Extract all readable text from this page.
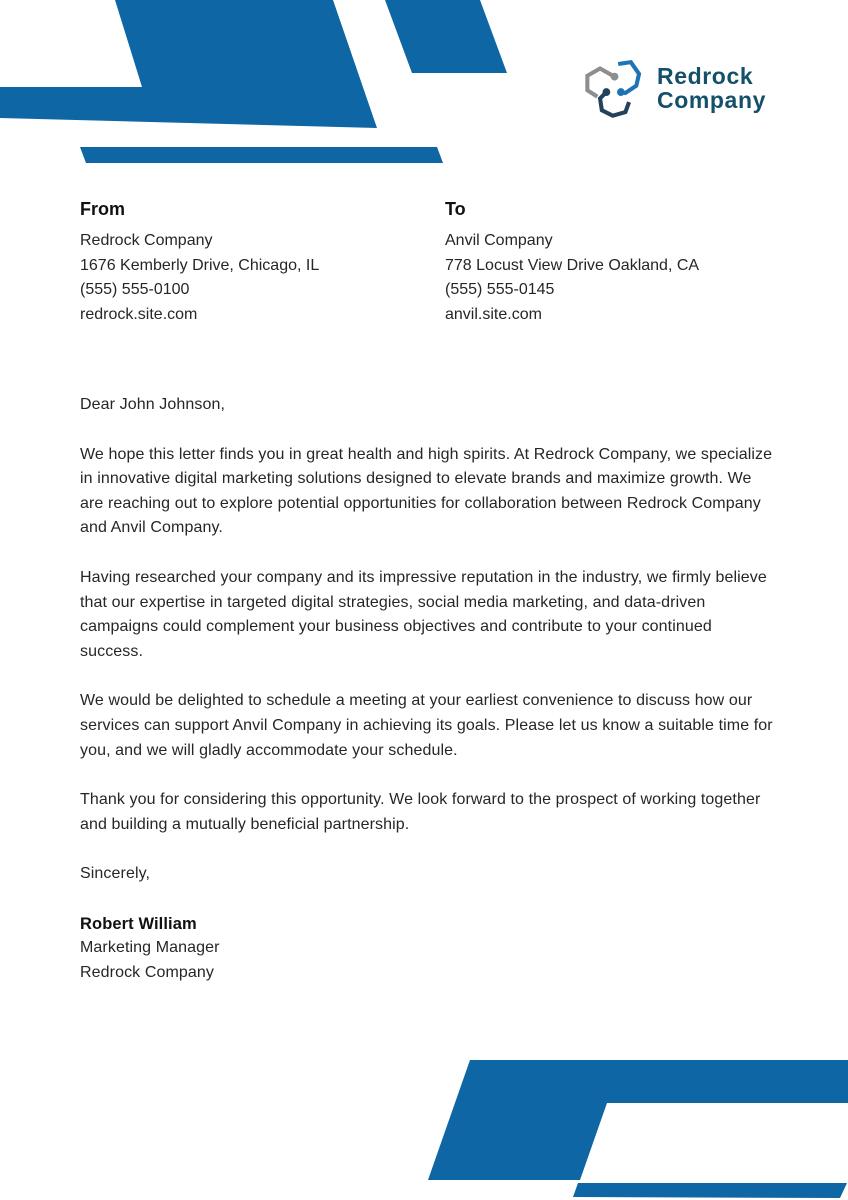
Redrock
Company
From
Redrock Company
1676 Kemberly Drive, Chicago, IL
(555) 555-0100
redrock.site.com
To
Anvil Company
778 Locust View Drive Oakland, CA
(555) 555-0145
anvil.site.com

Dear John Johnson,

We hope this letter finds you in great health and high spirits. At Redrock Company, we specialize in innovative digital marketing solutions designed to elevate brands and maximize growth. We are reaching out to explore potential opportunities for collaboration between Redrock Company and Anvil Company.

Having researched your company and its impressive reputation in the industry, we firmly believe that our expertise in targeted digital strategies, social media marketing, and data-driven campaigns could complement your business objectives and contribute to your continued success.

We would be delighted to schedule a meeting at your earliest convenience to discuss how our services can support Anvil Company in achieving its goals. Please let us know a suitable time for you, and we will gladly accommodate your schedule.

Thank you for considering this opportunity. We look forward to the prospect of working together and building a mutually beneficial partnership.

Sincerely,

Robert William
Marketing Manager
Redrock Company
